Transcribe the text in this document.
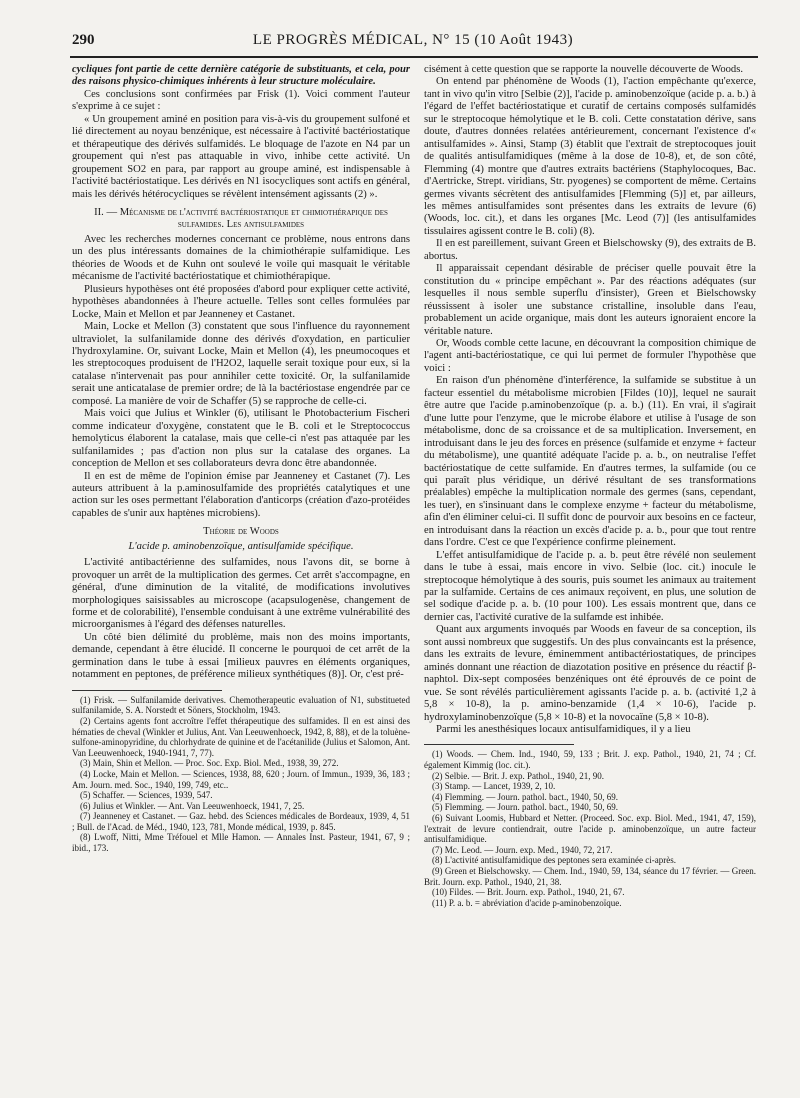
290	LE PROGRÈS MÉDICAL, N° 15 (10 Août 1943)

cycliques font partie de cette dernière catégorie de substituants, et cela, pour des raisons physico-chimiques inhérents à leur structure moléculaire.

Ces conclusions sont confirmées par Frisk (1). Voici comment l'auteur s'exprime à ce sujet :

« Un groupement aminé en position para vis-à-vis du groupement sulfoné et lié directement au noyau benzénique, est nécessaire à l'activité bactériostatique et thérapeutique des dérivés sulfamidés. Le bloquage de l'azote en N4 par un groupement qui n'est pas attaquable in vivo, inhibe cette activité. Un groupement SO2 en para, par rapport au groupe aminé, est indispensable à l'activité bactériostatique. Les dérivés en N1 isocycliques sont actifs en général, mais les dérivés hétérocycliques se révèlent intensément agissants (2) ».

II. — Mécanisme de l'activité bactériostatique et chimiothérapique des sulfamides. Les antisulfamides

Avec les recherches modernes concernant ce problème, nous entrons dans un des plus intéressants domaines de la chimiothérapie sulfamidique. Les théories de Woods et de Kuhn ont soulevé le voile qui masquait le véritable mécanisme de l'activité bactériostatique et chimiothérapique.

Plusieurs hypothèses ont été proposées d'abord pour expliquer cette activité, hypothèses abandonnées à l'heure actuelle. Telles sont celles formulées par Locke, Main et Mellon et par Jeanneney et Castanet.

Main, Locke et Mellon (3) constatent que sous l'influence du rayonnement ultraviolet, la sulfanilamide donne des dérivés d'oxydation, en particulier l'hydroxylamine. Or, suivant Locke, Main et Mellon (4), les pneumocoques et les streptocoques produisent de l'H2O2, laquelle serait toxique pour eux, si la catalase n'intervenait pas pour annihiler cette toxicité. Or, la sulfanilamide serait une anticatalase de premier ordre; de là la bactériostase engendrée par ce composé. La manière de voir de Schaffer (5) se rapproche de celle-ci.

Mais voici que Julius et Winkler (6), utilisant le Photobacterium Fischeri comme indicateur d'oxygène, constatent que le B. coli et le Streptococcus hemolyticus élaborent la catalase, mais que celle-ci n'est pas attaquée par les sulfanilamides ; pas d'action non plus sur la catalase des organes. La conception de Mellon et ses collaborateurs devra donc être abandonnée.

Il en est de même de l'opinion émise par Jeanneney et Castanet (7). Les auteurs attribuent à la p.aminosulfamide des propriétés catalytiques et une action sur les oses permettant l'élaboration d'anticorps (création d'azo-protéides capables de s'unir aux haptènes microbiens).

Théorie de Woods

L'acide p. aminobenzoïque, antisulfamide spécifique.

L'activité antibactérienne des sulfamides, nous l'avons dit, se borne à provoquer un arrêt de la multiplication des germes. Cet arrêt s'accompagne, en général, d'une diminution de la vitalité, de modifications involutives morphologiques saisissables au microscope (acapsulogenèse, changement de forme et de colorabilité), l'ensemble conduisant à une extrême vulnérabilité des microorganismes à l'égard des défenses naturelles.

Un côté bien délimité du problème, mais non des moins importants, demande, cependant à être élucidé. Il concerne le pourquoi de cet arrêt de la germination dans le tube à essai [milieux pauvres en éléments organiques, notamment en peptones, de préférence milieux synthétiques (8)]. Or, c'est pré-

(1) Frisk. — Sulfanilamide derivatives. Chemotherapeutic evaluation of N1, substitueted sulfanilamide, S. A. Norstedt et Söners, Stockholm, 1943.

(2) Certains agents font accroître l'effet thérapeutique des sulfamides. Il en est ainsi des hématies de cheval (Winkler et Julius, Ant. Van Leeuwenhoeck, 1942, 8, 88), et de la toluène-sulfone-aminopyridine, du chlorhydrate de quinine et de l'acétanilide (Julius et Salomon, Ant. Van Leeuwenhoeck, 1940-1941, 7, 77).

(3) Main, Shin et Mellon. — Proc. Soc. Exp. Biol. Med., 1938, 39, 272.

(4) Locke, Main et Mellon. — Sciences, 1938, 88, 620 ; Journ. of Immun., 1939, 36, 183 ; Am. Journ. med. Soc., 1940, 199, 749, etc..

(5) Schaffer. — Sciences, 1939, 547.

(6) Julius et Winkler. — Ant. Van Leeuwenhoeck, 1941, 7, 25.

(7) Jeanneney et Castanet. — Gaz. hebd. des Sciences médicales de Bordeaux, 1939, 4, 51 ; Bull. de l'Acad. de Méd., 1940, 123, 781, Monde médical, 1939, p. 845.

(8) Lwoff, Nitti, Mme Tréfouel et Mlle Hamon. — Annales Inst. Pasteur, 1941, 67, 9 ; ibid., 173.

cisément à cette question que se rapporte la nouvelle découverte de Woods.

On entend par phénomène de Woods (1), l'action empêchante qu'exerce, tant in vivo qu'in vitro [Selbie (2)], l'acide p. aminobenzoïque (acide p. a. b.) à l'égard de l'effet bactériostatique et curatif de certains composés sulfamidés sur le streptocoque hémolytique et le B. coli. Cette constatation dérive, sans doute, d'autres données relatées antérieurement, concernant l'existence d'« antisulfamides ». Ainsi, Stamp (3) établit que l'extrait de streptocoques jouit de qualités antisulfamidiques (même à la dose de 10-8), et, de son côté, Flemming (4) montre que d'autres extraits bactériens (Staphylocoques, Bac. d'Aertricke, Strept. viridians, Str. pyogenes) se comportent de même. Certains germes vivants sécrètent des antisulfamides [Flemming (5)] et, par ailleurs, les mêmes antisulfamides sont présentes dans les extraits de levure (6) (Woods, loc. cit.), et dans les organes [Mc. Leod (7)] (les antisulfamides tissulaires agissent contre le B. coli) (8).

Il en est pareillement, suivant Green et Bielschowsky (9), des extraits de B. abortus.

Il apparaissait cependant désirable de préciser quelle pouvait être la constitution du « principe empêchant ». Par des réactions adéquates (sur lesquelles il nous semble superflu d'insister), Green et Bielschowsky réussissent à isoler une substance cristalline, insoluble dans l'eau, probablement un acide organique, mais dont les auteurs ignoraient encore la véritable nature.

Or, Woods comble cette lacune, en découvrant la composition chimique de l'agent anti-bactériostatique, ce qui lui permet de formuler l'hypothèse que voici :

En raison d'un phénomène d'interférence, la sulfamide se substitue à un facteur essentiel du métabolisme microbien [Fildes (10)], lequel ne saurait être autre que l'acide p.aminobenzoïque (p. a. b.) (11). En vrai, il s'agirait d'une lutte pour l'enzyme, que le microbe élabore et utilise à l'usage de son métabolisme, donc de sa croissance et de sa multiplication. Inversement, en introduisant dans le jeu des forces en présence (sulfamide et enzyme + facteur du métabolisme), une quantité adéquate l'acide p. a. b., on neutralise l'effet bactériostatique de cette sulfamide. En d'autres termes, la sulfamide (ou ce qui paraît plus véridique, un dérivé résultant de ses transformations préalables) empêche la multiplication normale des germes (sans, cependant, les tuer), en s'insinuant dans le complexe enzyme + facteur du métabolisme, afin d'en éliminer celui-ci. Il suffit donc de pourvoir aux besoins en ce facteur, en introduisant dans la réaction un excès d'acide p. a. b., pour que tout rentre dans l'ordre. C'est ce que l'expérience confirme pleinement.

L'effet antisulfamidique de l'acide p. a. b. peut être révélé non seulement dans le tube à essai, mais encore in vivo. Selbie (loc. cit.) inocule le streptocoque hémolytique à des souris, puis soumet les animaux au traitement par la sulfamide. Certains de ces animaux reçoivent, en plus, une solution de sel sodique d'acide p. a. b. (10 pour 100). Les essais montrent que, dans ce dernier cas, l'activité curative de la sulfamde est inhibée.

Quant aux arguments invoqués par Woods en faveur de sa conception, ils sont aussi nombreux que suggestifs. Un des plus convaincants est la présence, dans les extraits de levure, éminemment antibactériostatiques, de principes aminés donnant une réaction de diazotation positive en présence du réactif β-naphtol. Dix-sept composées benzéniques ont été éprouvés de ce point de vue. Se sont révélés particulièrement agissants l'acide p. a. b. (activité 1,2 à 5,8 × 10-8), la p. amino-benzamide (1,4 × 10-6), l'acide p. hydroxylaminobenzoïque (5,8 × 10-8) et la novocaïne (5,8 × 10-8).

Parmi les anesthésiques locaux antisulfamidiques, il y a lieu

(1) Woods. — Chem. Ind., 1940, 59, 133 ; Brit. J. exp. Pathol., 1940, 21, 74 ; Cf. également Kimmig (loc. cit.).

(2) Selbie. — Brit. J. exp. Pathol., 1940, 21, 90.

(3) Stamp. — Lancet, 1939, 2, 10.

(4) Flemming. — Journ. pathol. bact., 1940, 50, 69.

(5) Flemming. — Journ. pathol. bact., 1940, 50, 69.

(6) Suivant Loomis, Hubbard et Netter. (Proceed. Soc. exp. Biol. Med., 1941, 47, 159), l'extrait de levure contiendrait, outre l'acide p. aminobenzoïque, un autre facteur antisulfamidique.

(7) Mc. Leod. — Journ. exp. Med., 1940, 72, 217.

(8) L'activité antisulfamidique des peptones sera examinée ci-après.

(9) Green et Bielschowsky. — Chem. Ind., 1940, 59, 134, séance du 17 février. — Green. Brit. Journ. exp. Pathol., 1940, 21, 38.

(10) Fildes. — Brit. Journ. exp. Pathol., 1940, 21, 67.

(11) P. a. b. = abréviation d'acide p-aminobenzoïque.
